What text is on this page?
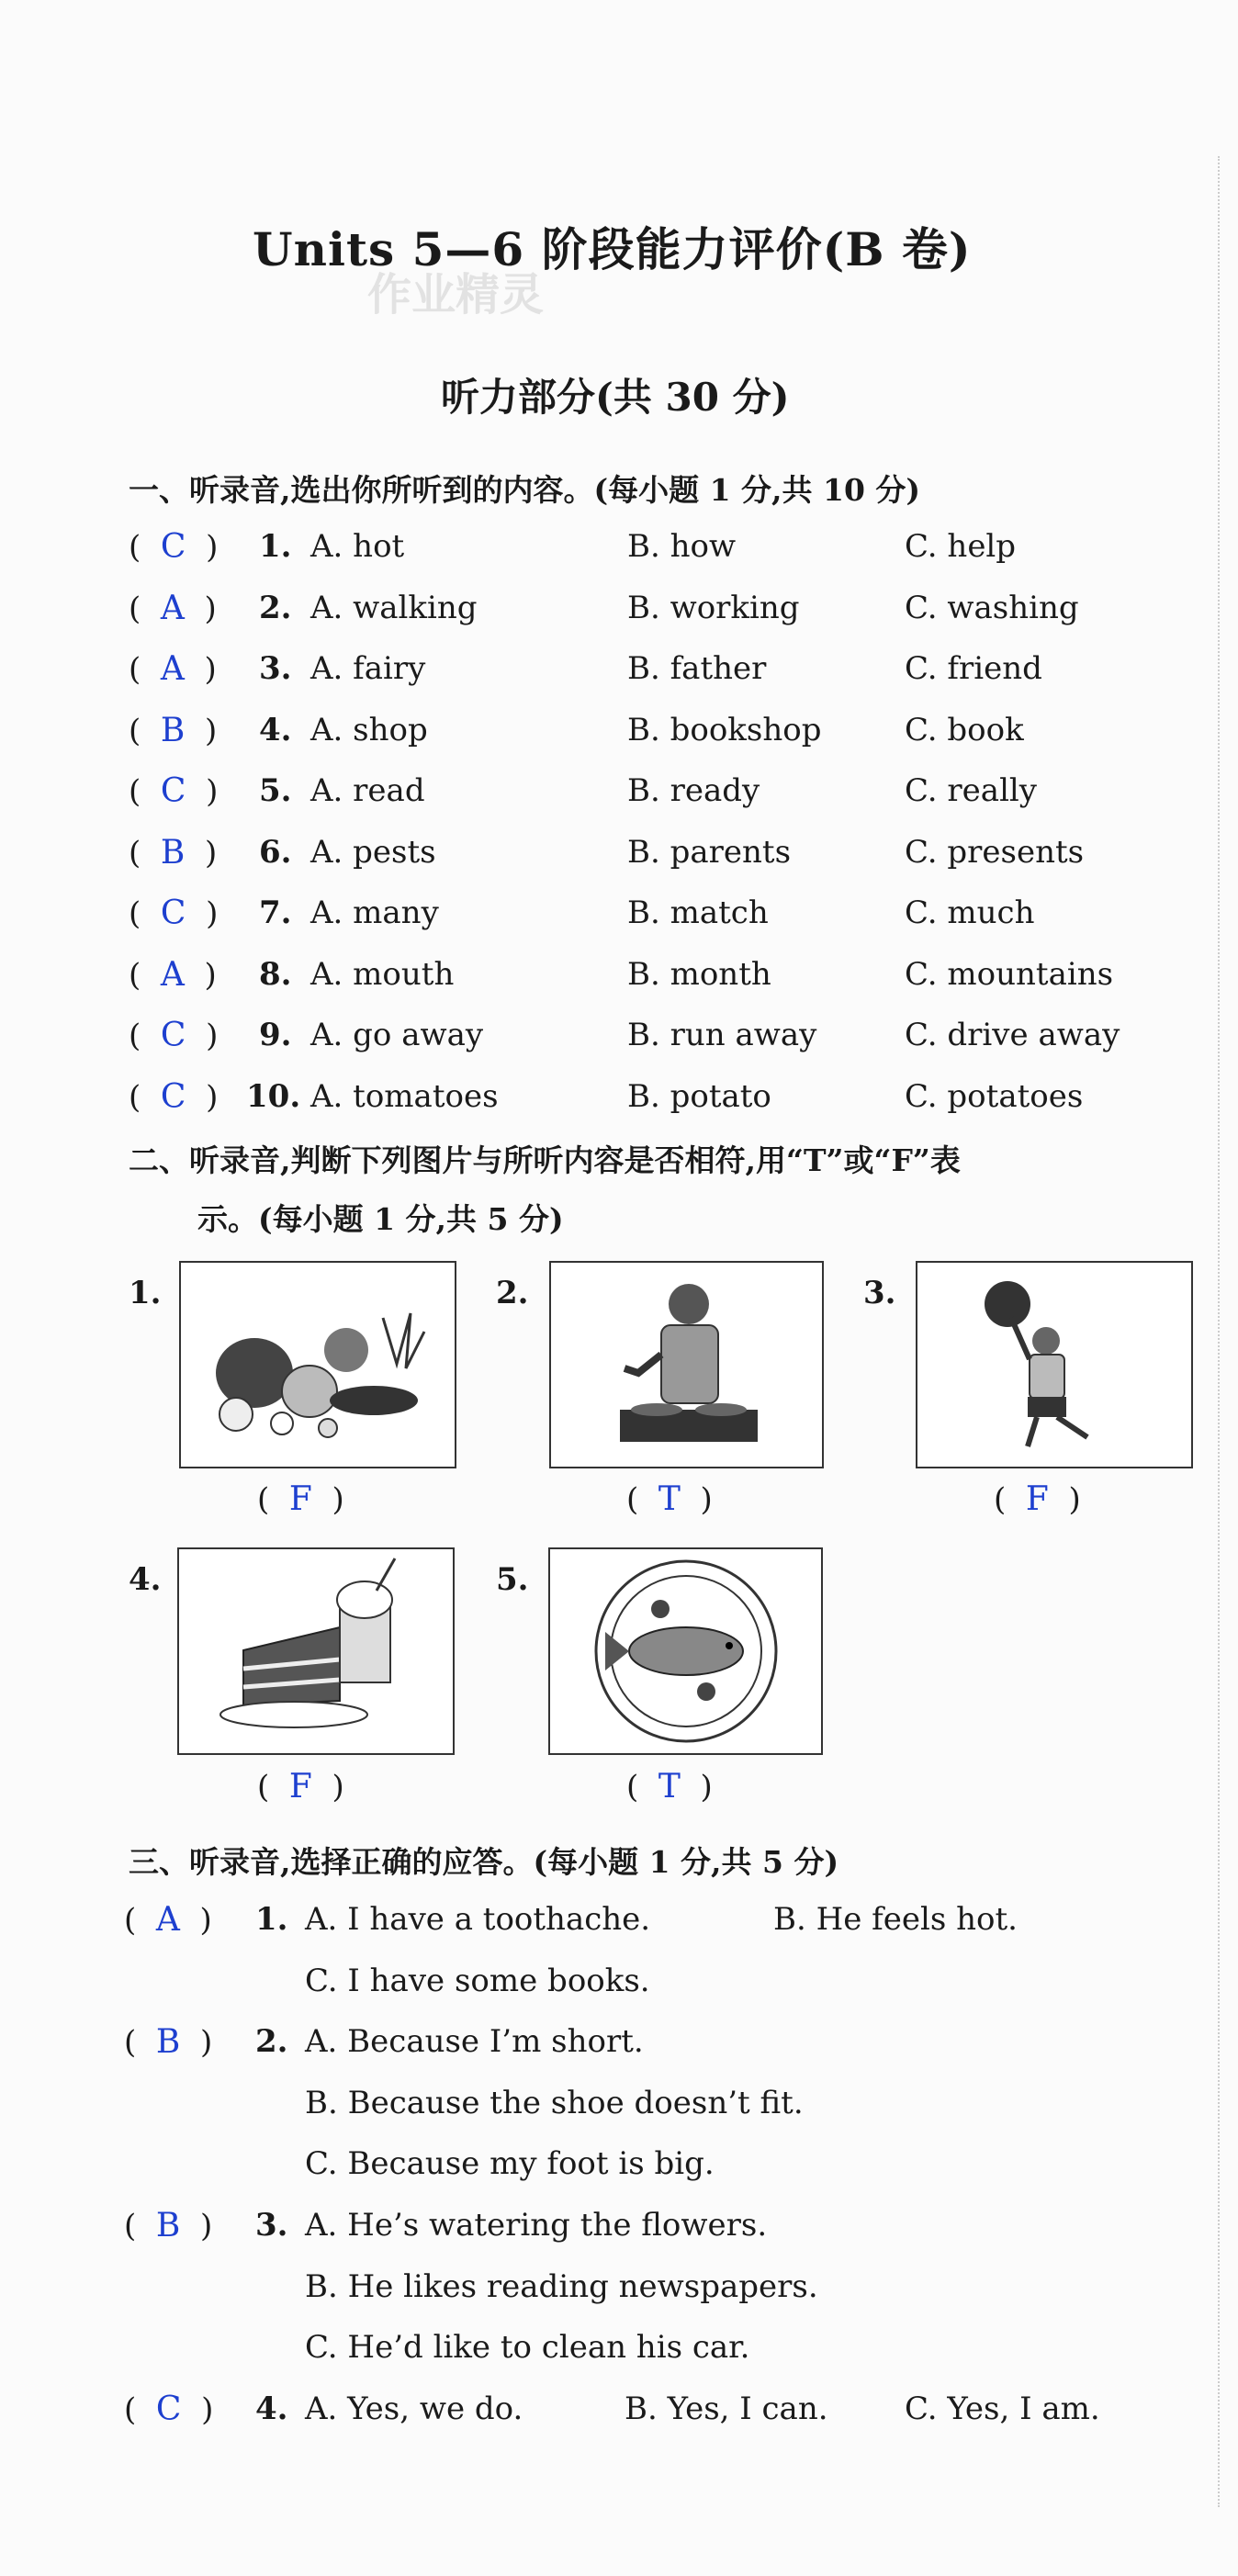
Units 5—6 阶段能力评价(B 卷)
作业精灵
听力部分(共 30 分)
一、听录音,选出你所听到的内容。(每小题 1 分,共 10 分)
( C ) 1. A. hot	B. how	C. help
( A ) 2. A. walking	B. working	C. washing
( A ) 3. A. fairy	B. father	C. friend
( B ) 4. A. shop	B. bookshop	C. book
( C ) 5. A. read	B. ready	C. really
( B ) 6. A. pests	B. parents	C. presents
( C ) 7. A. many	B. match	C. much
( A ) 8. A. mouth	B. month	C. mountains
( C ) 9. A. go away	B. run away	C. drive away
( C ) 10. A. tomatoes	B. potato	C. potatoes
二、听录音,判断下列图片与所听内容是否相符,用“T”或“F”表
示。(每小题 1 分,共 5 分)
1.
(  F  )
2.
(  T  )
3.
(  F  )
4.
(  F  )
5.
(  T  )
三、听录音,选择正确的应答。(每小题 1 分,共 5 分)
( A ) 1. A. I have a toothache.	B. He feels hot.
C. I have some books.
( B ) 2. A. Because I’m short.
B. Because the shoe doesn’t fit.
C. Because my foot is big.
( B ) 3. A. He’s watering the flowers.
B. He likes reading newspapers.
C. He’d like to clean his car.
( C ) 4. A. Yes, we do.	B. Yes, I can. C. Yes, I am.
